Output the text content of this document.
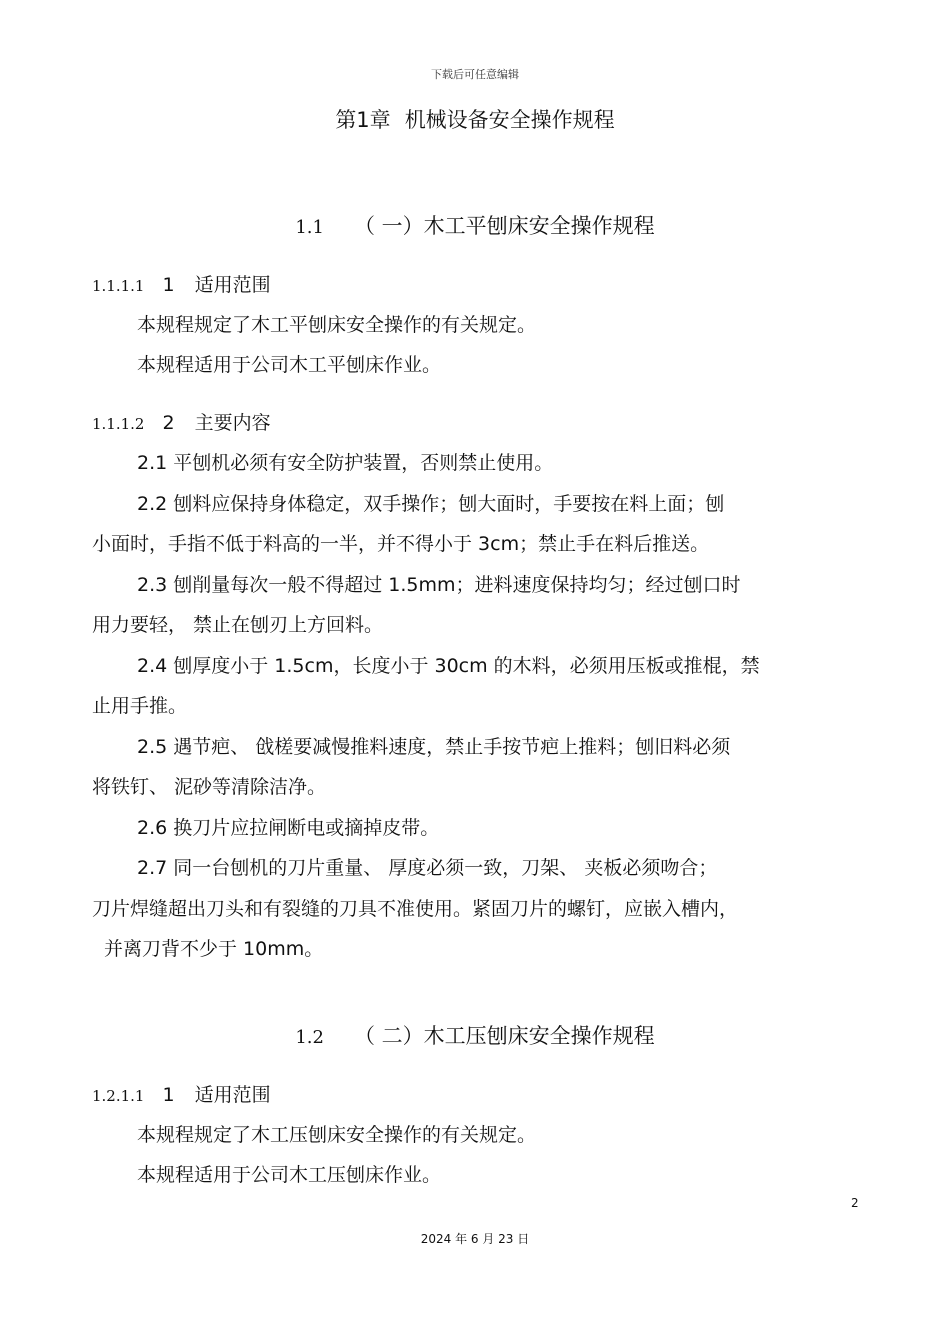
下载后可任意编辑
第1章 机械设备安全操作规程
1.1 （ 一）木工平刨床安全操作规程
1.1.1.1 1 适用范围
本规程规定了木工平刨床安全操作的有关规定。
本规程适用于公司木工平刨床作业。
1.1.1.2 2 主要内容
2.1 平刨机必须有安全防护装置，否则禁止使用。
2.2 刨料应保持身体稳定，双手操作；刨大面时，手要按在料上面；刨
小面时，手指不低于料高的一半，并不得小于 3cm；禁止手在料后推送。
2.3 刨削量每次一般不得超过 1.5mm；进料速度保持均匀；经过刨口时
用力要轻， 禁止在刨刃上方回料。
2.4 刨厚度小于 1.5cm，长度小于 30cm 的木料，必须用压板或推棍，禁
止用手推。
2.5 遇节疤、 戗槎要减慢推料速度，禁止手按节疤上推料；刨旧料必须
将铁钉、 泥砂等清除洁净。
2.6 换刀片应拉闸断电或摘掉皮带。
2.7 同一台刨机的刀片重量、 厚度必须一致，刀架、 夹板必须吻合；
刀片焊缝超出刀头和有裂缝的刀具不准使用。紧固刀片的螺钉，应嵌入槽内，
并离刀背不少于 10mm。
1.2 （ 二）木工压刨床安全操作规程
1.2.1.1 1 适用范围
本规程规定了木工压刨床安全操作的有关规定。
本规程适用于公司木工压刨床作业。
2
2024 年 6 月 23 日
